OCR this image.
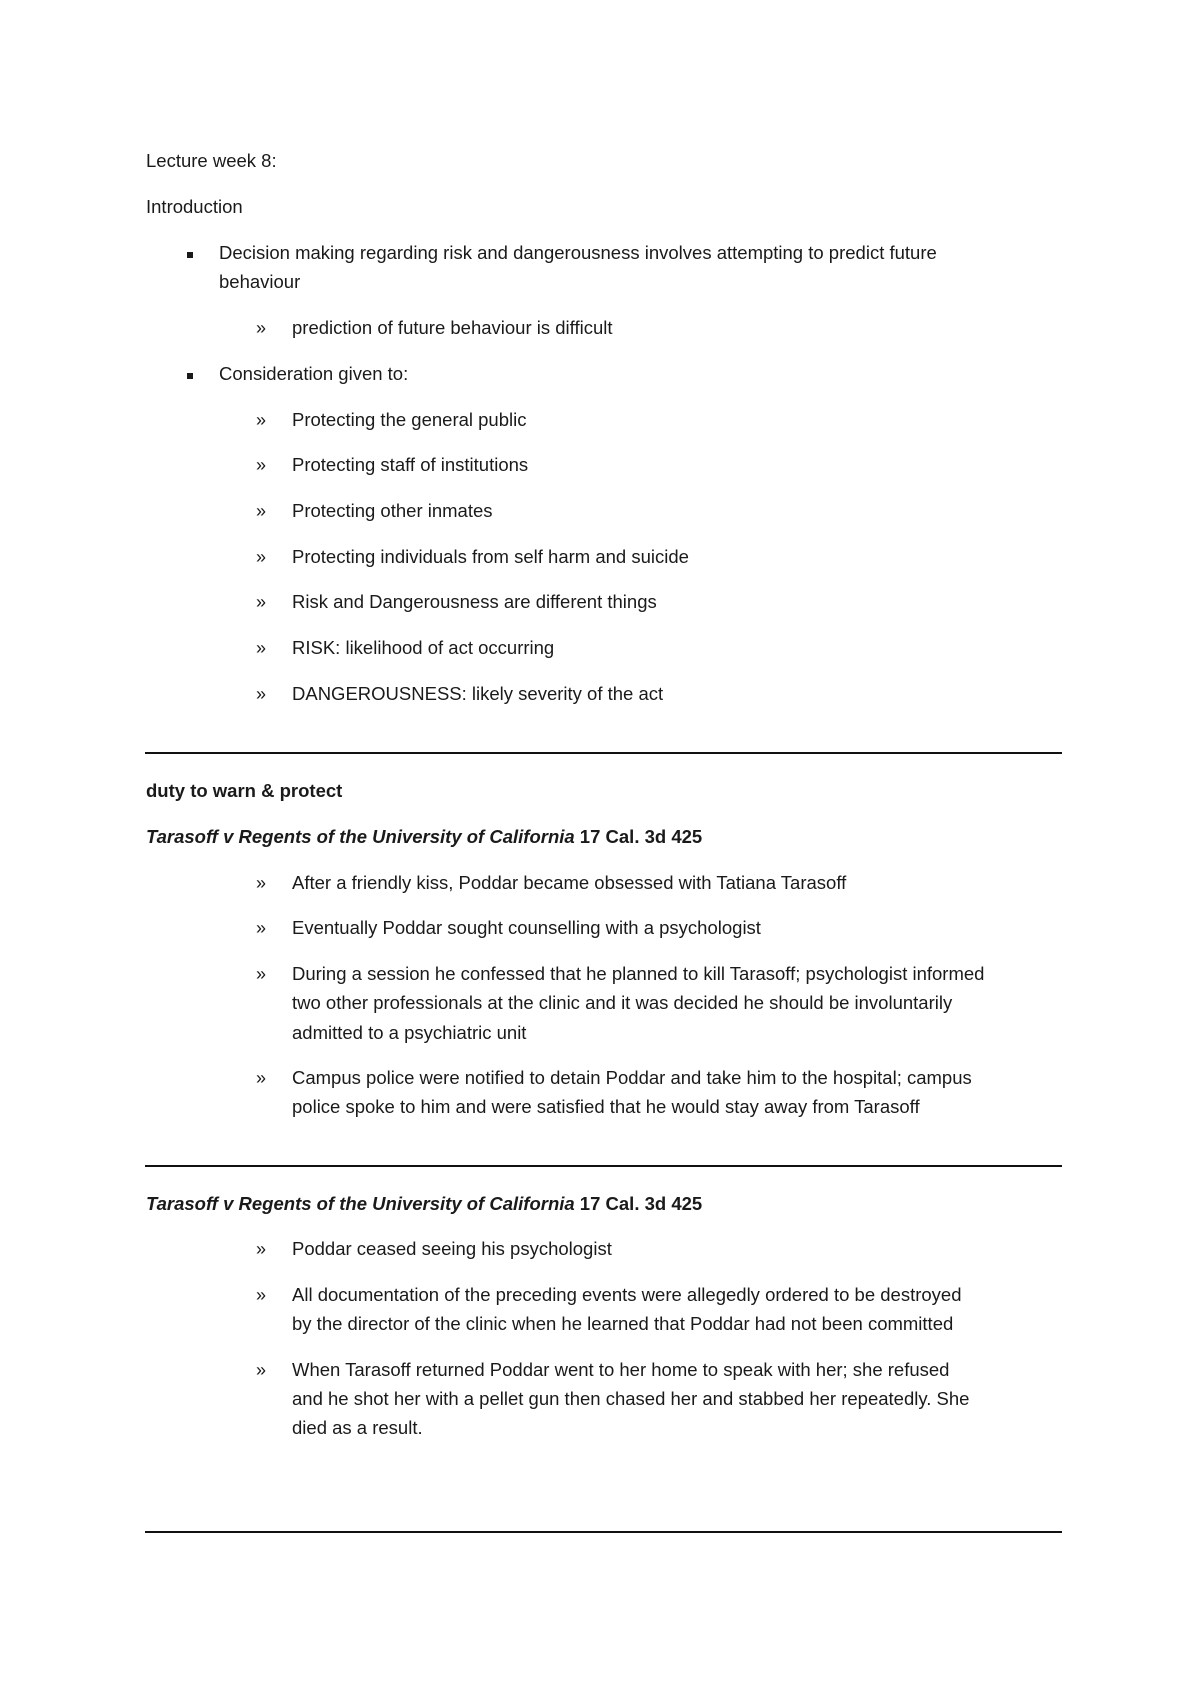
Lecture week 8:
Introduction
Decision making regarding risk and dangerousness involves attempting to predict future
behaviour
» prediction of future behaviour is difficult
Consideration given to:
» Protecting the general public
» Protecting staff of institutions
» Protecting other inmates
» Protecting individuals from self harm and suicide
» Risk and Dangerousness are different things
» RISK: likelihood of act occurring
» DANGEROUSNESS: likely severity of the act
duty to warn & protect
Tarasoff v Regents of the University of California 17 Cal. 3d 425
» After a friendly kiss, Poddar became obsessed with Tatiana Tarasoff
» Eventually Poddar sought counselling with a psychologist
» During a session he confessed that he planned to kill Tarasoff; psychologist informed
two other professionals at the clinic and it was decided he should be involuntarily
admitted to a psychiatric unit
» Campus police were notified to detain Poddar and take him to the hospital; campus
police spoke to him and were satisfied that he would stay away from Tarasoff
Tarasoff v Regents of the University of California 17 Cal. 3d 425
» Poddar ceased seeing his psychologist
» All documentation of the preceding events were allegedly ordered to be destroyed
by the director of the clinic when he learned that Poddar had not been committed
» When Tarasoff returned Poddar went to her home to speak with her; she refused
and he shot her with a pellet gun then chased her and stabbed her repeatedly. She
died as a result.
